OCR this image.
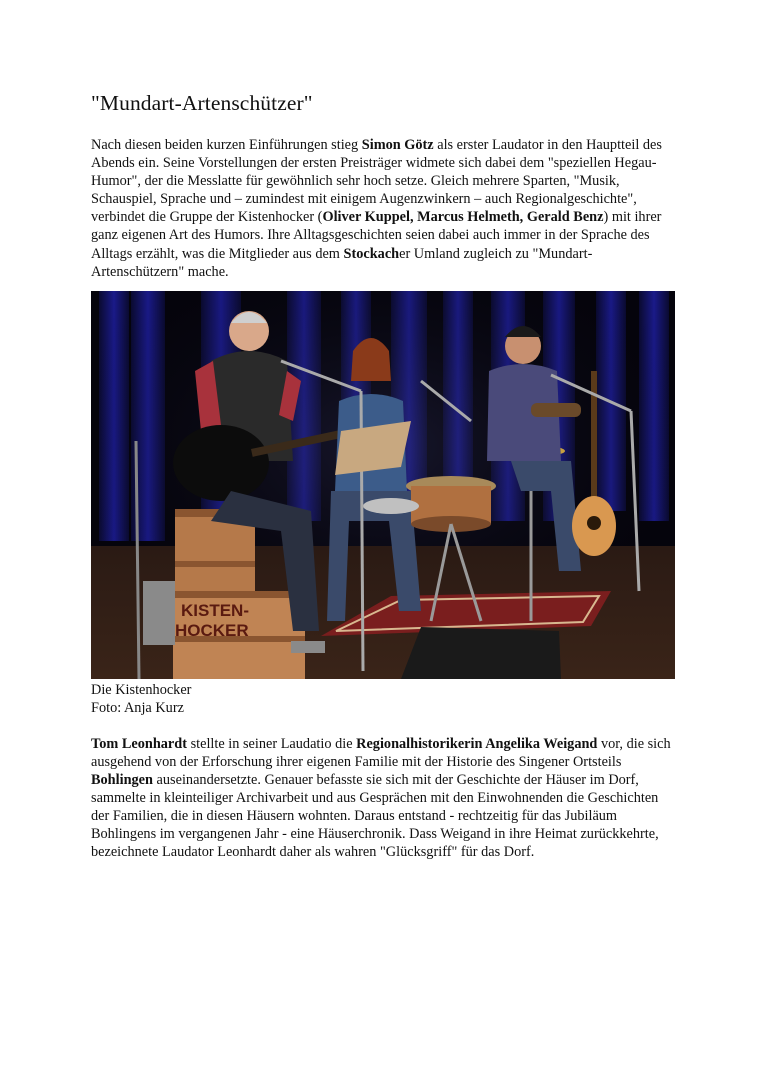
"Mundart-Artenschützer"

Nach diesen beiden kurzen Einführungen stieg Simon Götz als erster Laudator in den Hauptteil des Abends ein. Seine Vorstellungen der ersten Preisträger widmete sich dabei dem "speziellen Hegau-Humor", der die Messlatte für gewöhnlich sehr hoch setze. Gleich mehrere Sparten, "Musik, Schauspiel, Sprache und – zumindest mit einigem Augenzwinkern – auch Regionalgeschichte", verbindet die Gruppe der Kistenhocker (Oliver Kuppel, Marcus Helmeth, Gerald Benz) mit ihrer ganz eigenen Art des Humors. Ihre Alltagsgeschichten seien dabei auch immer in der Sprache des Alltags erzählt, was die Mitglieder aus dem Stockacher Umland zugleich zu "Mundart-Artenschützern" mache.

KISTEN-
HOCKER

Die Kistenhocker
Foto: Anja Kurz

Tom Leonhardt stellte in seiner Laudatio die Regionalhistorikerin Angelika Weigand vor, die sich ausgehend von der Erforschung ihrer eigenen Familie mit der Historie des Singener Ortsteils Bohlingen auseinandersetzte. Genauer befasste sie sich mit der Geschichte der Häuser im Dorf, sammelte in kleinteiliger Archivarbeit und aus Gesprächen mit den Einwohnenden die Geschichten der Familien, die in diesen Häusern wohnten. Daraus entstand - rechtzeitig für das Jubiläum Bohlingens im vergangenen Jahr - eine Häuserchronik. Dass Weigand in ihre Heimat zurückkehrte, bezeichnete Laudator Leonhardt daher als wahren "Glücksgriff" für das Dorf.
